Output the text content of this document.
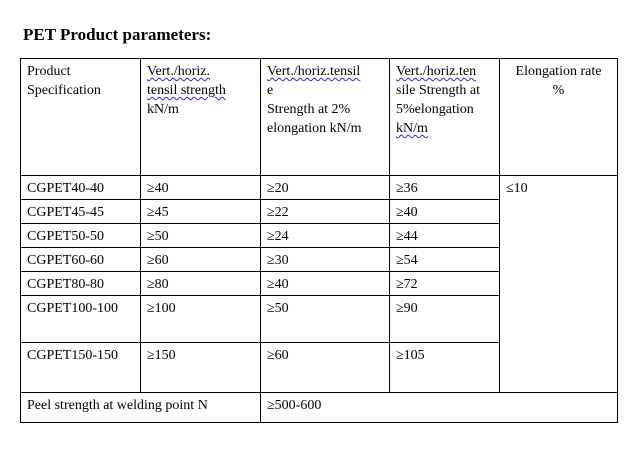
PET Product parameters:
Product
Specification	Vert./horiz.
tensil strength
kN/m	Vert./horiz.tensil
e
Strength at 2%
elongation kN/m	Vert./horiz.ten
sile Strength at
5%elongation
kN/m	Elongation rate
%

CGPET40-40	≥40	≥20	≥36	≤10
CGPET45-45	≥45	≥22	≥40	
CGPET50-50	≥50	≥24	≥44	
CGPET60-60	≥60	≥30	≥54	
CGPET80-80	≥80	≥40	≥72	
CGPET100-100	≥100	≥50	≥90	
CGPET150-150	≥150	≥60	≥105	
Peel strength at welding point N		≥500-600		
